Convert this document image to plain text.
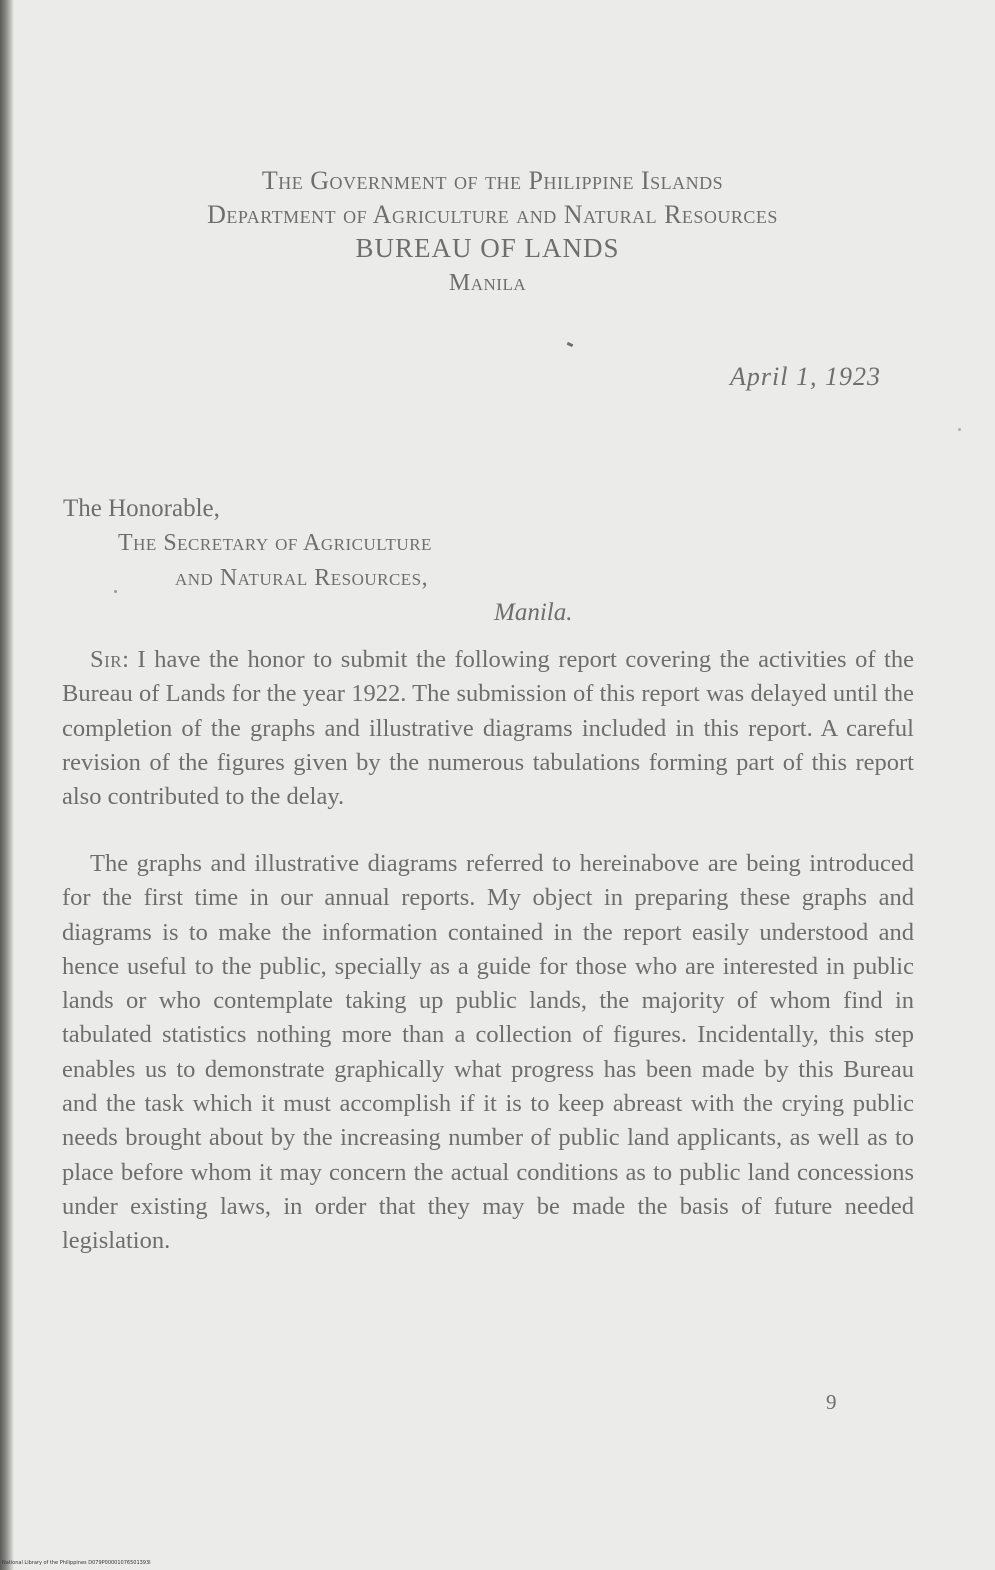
The Government of the Philippine Islands
Department of Agriculture and Natural Resources
BUREAU OF LANDS
Manila
April 1, 1923
The Honorable,
The Secretary of Agriculture
and Natural Resources,
Manila.

Sir: I have the honor to submit the following report covering the activities of the Bureau of Lands for the year 1922. The submission of this report was delayed until the completion of the graphs and illustrative diagrams included in this report. A careful revision of the figures given by the numerous tabulations forming part of this report also contributed to the delay.

The graphs and illustrative diagrams referred to hereinabove are being introduced for the first time in our annual reports. My object in preparing these graphs and diagrams is to make the information contained in the report easily understood and hence useful to the public, specially as a guide for those who are interested in public lands or who contemplate taking up public lands, the majority of whom find in tabulated statistics nothing more than a collection of figures. Incidentally, this step enables us to demonstrate graphically what progress has been made by this Bureau and the task which it must accomplish if it is to keep abreast with the crying public needs brought about by the increasing number of public land applicants, as well as to place before whom it may concern the actual conditions as to public land concessions under existing laws, in order that they may be made the basis of future needed legislation.

9
National Library of the Philippines D079P00001076501393I
